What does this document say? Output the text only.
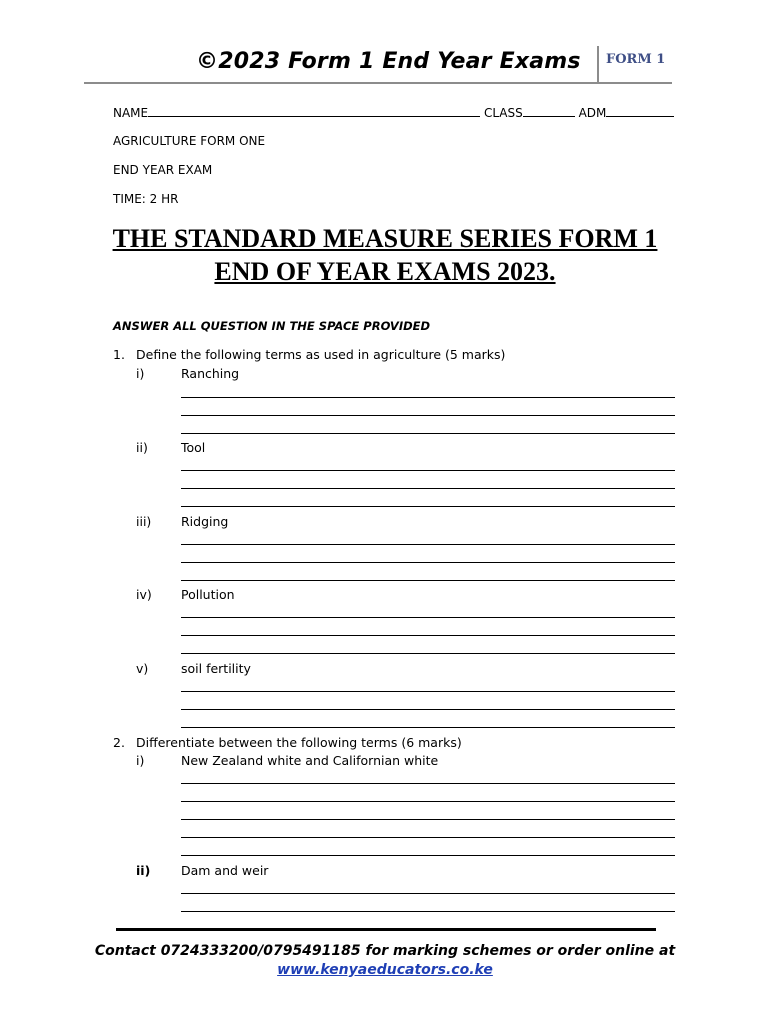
©2023 Form 1 End Year Exams FORM 1
NAME	CLASS	ADM
AGRICULTURE FORM ONE
END YEAR EXAM
TIME: 2 HR
THE STANDARD MEASURE SERIES FORM 1
END OF YEAR EXAMS 2023.
ANSWER ALL QUESTION IN THE SPACE PROVIDED
1. Define the following terms as used in agriculture (5 marks)
i)	Ranching
ii)	Tool
iii) Ridging
iv) Pollution
v)	soil fertility
2. Differentiate between the following terms (6 marks)
i)	New Zealand white and Californian white
ii) Dam and weir
Contact 0724333200/0795491185 for marking schemes or order online at
www.kenyaeducators.co.ke
